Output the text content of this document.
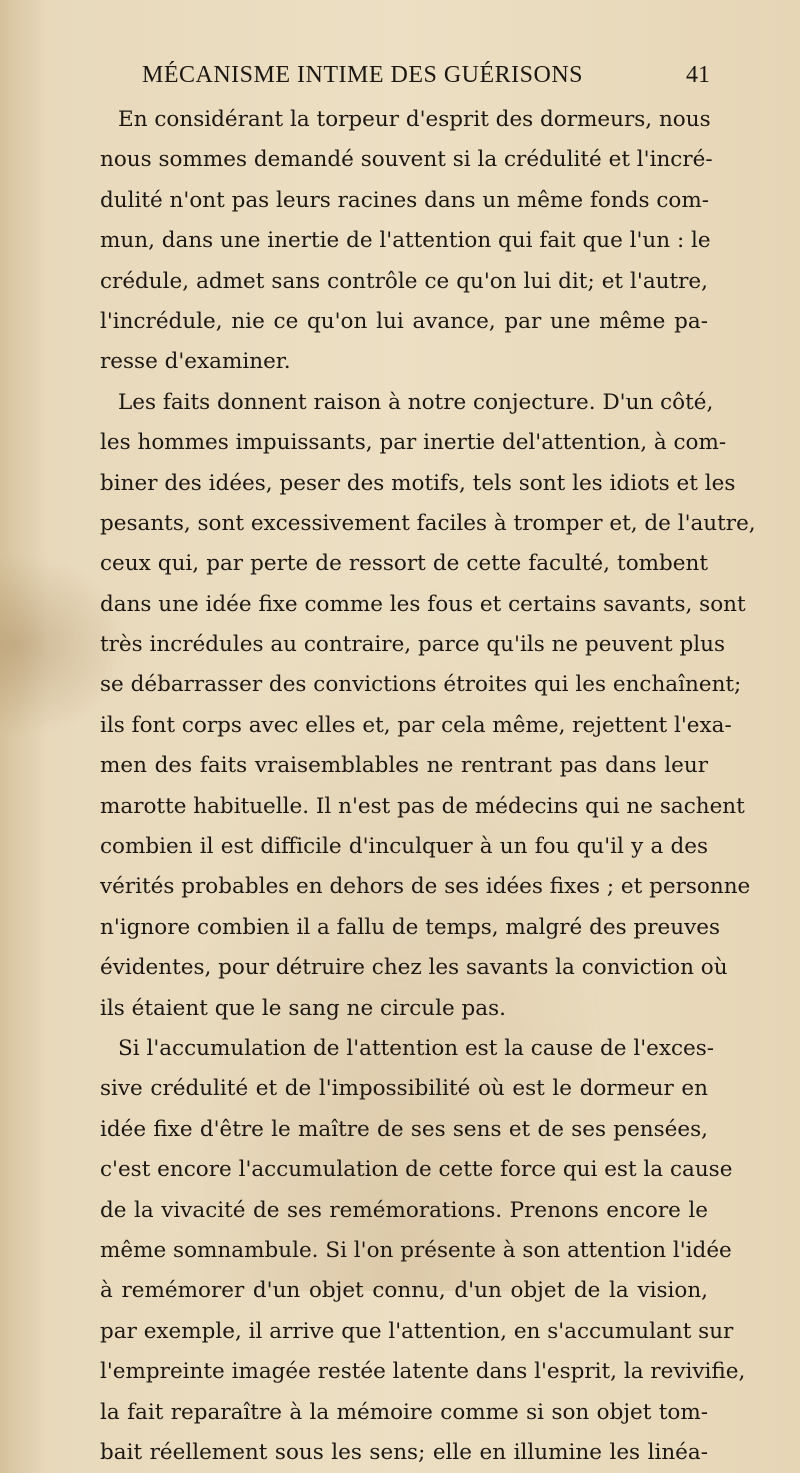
MÉCANISME INTIME DES GUÉRISONS	41
En considérant la torpeur d'esprit des dormeurs, nous
nous sommes demandé souvent si la crédulité et l'incré-
dulité n'ont pas leurs racines dans un même fonds com-
mun, dans une inertie de l'attention qui fait que l'un : le
crédule, admet sans contrôle ce qu'on lui dit; et l'autre,
l'incrédule, nie ce qu'on lui avance, par une même pa-
resse d'examiner.
Les faits donnent raison à notre conjecture. D'un côté,
les hommes impuissants, par inertie del'attention, à com-
biner des idées, peser des motifs, tels sont les idiots et les
pesants, sont excessivement faciles à tromper et, de l'autre,
ceux qui, par perte de ressort de cette faculté, tombent
dans une idée fixe comme les fous et certains savants, sont
très incrédules au contraire, parce qu'ils ne peuvent plus
se débarrasser des convictions étroites qui les enchaînent;
ils font corps avec elles et, par cela même, rejettent l'exa-
men des faits vraisemblables ne rentrant pas dans leur
marotte habituelle. Il n'est pas de médecins qui ne sachent
combien il est difficile d'inculquer à un fou qu'il y a des
vérités probables en dehors de ses idées fixes ; et personne
n'ignore combien il a fallu de temps, malgré des preuves
évidentes, pour détruire chez les savants la conviction où
ils étaient que le sang ne circule pas.
Si l'accumulation de l'attention est la cause de l'exces-
sive crédulité et de l'impossibilité où est le dormeur en
idée fixe d'être le maître de ses sens et de ses pensées,
c'est encore l'accumulation de cette force qui est la cause
de la vivacité de ses remémorations. Prenons encore le
même somnambule. Si l'on présente à son attention l'idée
à remémorer d'un objet connu, d'un objet de la vision,
par exemple, il arrive que l'attention, en s'accumulant sur
l'empreinte imagée restée latente dans l'esprit, la revivifie,
la fait reparaître à la mémoire comme si son objet tom-
bait réellement sous les sens; elle en illumine les linéa-
